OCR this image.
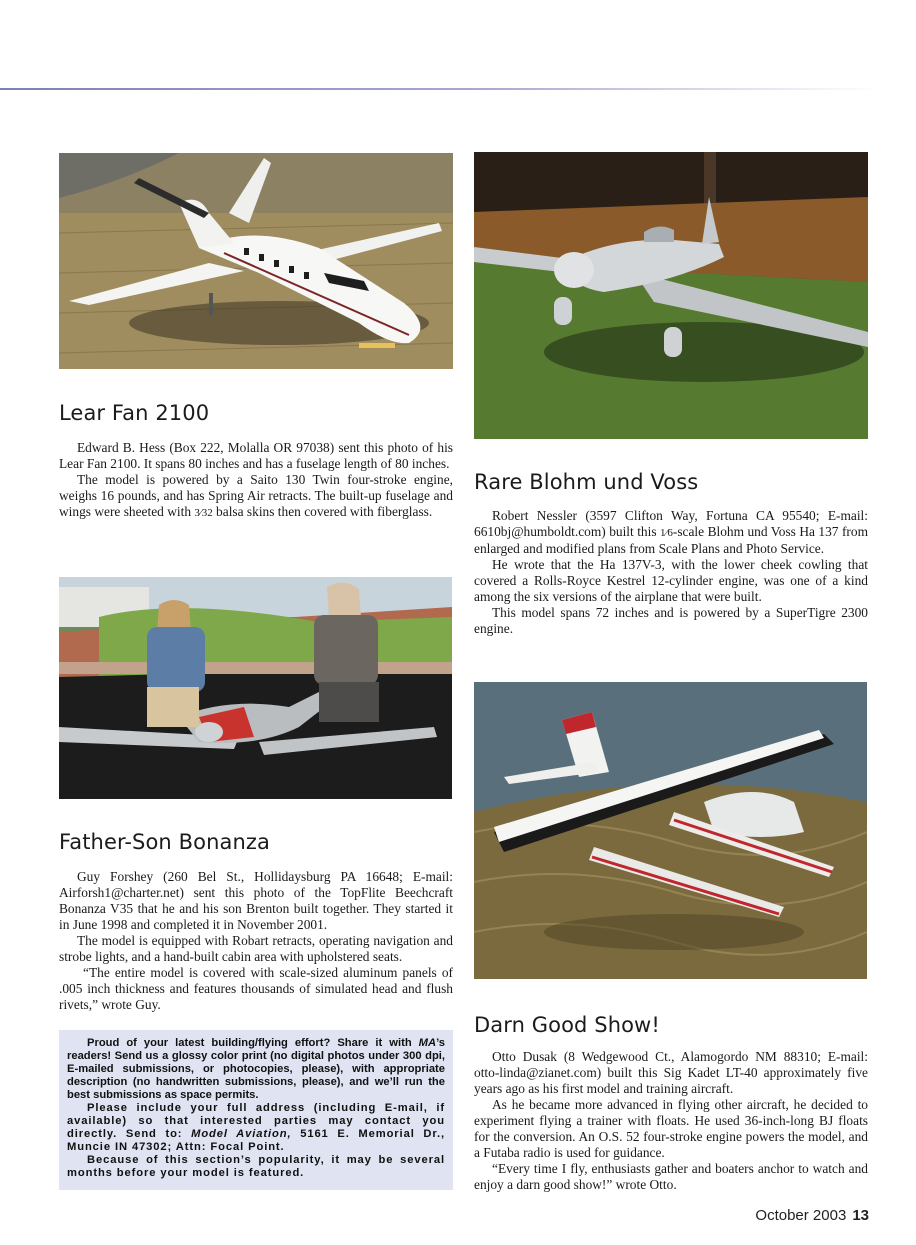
Lear Fan 2100

Edward B. Hess (Box 222, Molalla OR 97038) sent this photo of his Lear Fan 2100. It spans 80 inches and has a fuselage length of 80 inches.

The model is powered by a Saito 130 Twin four-stroke engine, weighs 16 pounds, and has Spring Air retracts. The built-up fuselage and wings were sheeted with 3⁄32 balsa skins then covered with fiberglass.

Rare Blohm und Voss

Robert Nessler (3597 Clifton Way, Fortuna CA 95540; E-mail: 6610bj@humboldt.com) built this 1⁄6-scale Blohm und Voss Ha 137 from enlarged and modified plans from Scale Plans and Photo Service.

He wrote that the Ha 137V-3, with the lower cheek cowling that covered a Rolls-Royce Kestrel 12-cylinder engine, was one of a kind among the six versions of the airplane that were built.

This model spans 72 inches and is powered by a SuperTigre 2300 engine.

Father-Son Bonanza

Guy Forshey (260 Bel St., Hollidaysburg PA 16648; E-mail: Airforsh1@charter.net) sent this photo of the TopFlite Beechcraft Bonanza V35 that he and his son Brenton built together. They started it in June 1998 and completed it in November 2001.

The model is equipped with Robart retracts, operating navigation and strobe lights, and a hand-built cabin area with upholstered seats.

“The entire model is covered with scale-sized aluminum panels of .005 inch thickness and features thousands of simulated head and flush rivets,” wrote Guy.

Proud of your latest building/flying effort? Share it with MA’s readers! Send us a glossy color print (no digital photos under 300 dpi, E-mailed submissions, or photocopies, please), with appropriate description (no handwritten submissions, please), and we’ll run the best submissions as space permits.

Please include your full address (including E-mail, if available) so that interested parties may contact you directly. Send to: Model Aviation, 5161 E. Memorial Dr., Muncie IN 47302; Attn: Focal Point.

Because of this section’s popularity, it may be several months before your model is featured.

Darn Good Show!

Otto Dusak (8 Wedgewood Ct., Alamogordo NM 88310; E-mail: otto-linda@zianet.com) built this Sig Kadet LT-40 approximately five years ago as his first model and training aircraft.

As he became more advanced in flying other aircraft, he decided to experiment flying a trainer with floats. He used 36-inch-long BJ floats for the conversion. An O.S. 52 four-stroke engine powers the model, and a Futaba radio is used for guidance.

“Every time I fly, enthusiasts gather and boaters anchor to watch and enjoy a darn good show!” wrote Otto.

October 2003 13
